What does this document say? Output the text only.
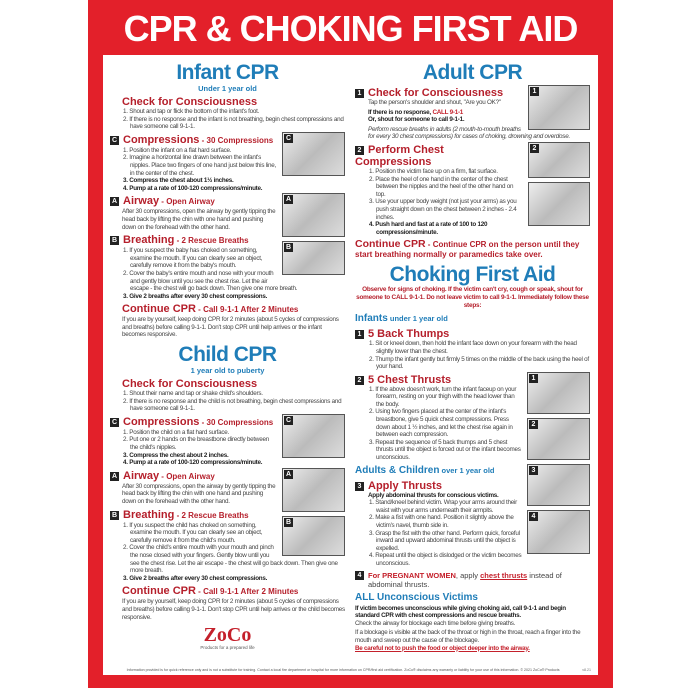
CPR & CHOKING FIRST AID
Infant CPR
Under 1 year old
Check for Consciousness
1. Shout and tap or flick the bottom of the infant's foot.
2. If there is no response and the infant is not breathing, begin chest compressions and have someone call 9-1-1.
C
C Compressions - 30 Compressions
1. Position the infant on a flat hard surface.
2. Imagine a horizontal line drawn between the infant's nipples. Place two fingers of one hand just below this line, in the center of the chest.
3. Compress the chest about 1½ inches.
4. Pump at a rate of 100-120 compressions/minute.
A
A Airway - Open Airway
After 30 compressions, open the airway by gently tipping the head back by lifting the chin with one hand and pushing down on the forehead with the other hand.
B
B Breathing - 2 Rescue Breaths
1. If you suspect the baby has choked on something, examine the mouth. If you can clearly see an object, carefully remove it from the baby's mouth.
2. Cover the baby's entire mouth and nose with your mouth and gently blow until you see the chest rise. Let the air escape - the chest will go back down. Then give one more breath.
3. Give 2 breaths after every 30 chest compressions.
Continue CPR - Call 9-1-1 After 2 Minutes
If you are by yourself, keep doing CPR for 2 minutes (about 5 cycles of compressions and breaths) before calling 9-1-1. Don't stop CPR until help arrives or the infant becomes responsive.
Child CPR
1 year old to puberty
Check for Consciousness
1. Shout their name and tap or shake child's shoulders.
2. If there is no response and the child is not breathing, begin chest compressions and have someone call 9-1-1.
C
C Compressions - 30 Compressions
1. Position the child on a flat hard surface.
2. Put one or 2 hands on the breastbone directly between the child's nipples.
3. Compress the chest about 2 inches.
4. Pump at a rate of 100-120 compressions/minute.
A
A Airway - Open Airway
After 30 compressions, open the airway by gently tipping the head back by lifting the chin with one hand and pushing down on the forehead with the other hand.
B
B Breathing - 2 Rescue Breaths
1. If you suspect the child has choked on something, examine the mouth. If you can clearly see an object, carefully remove it from the child's mouth.
2. Cover the child's entire mouth with your mouth and pinch the nose closed with your fingers. Gently blow until you see the chest rise. Let the air escape - the chest will go back down. Then give one more breath.
3. Give 2 breaths after every 30 chest compressions.
Continue CPR - Call 9-1-1 After 2 Minutes
If you are by yourself, keep doing CPR for 2 minutes (about 5 cycles of compressions and breaths) before calling 9-1-1. Don't stop CPR until help arrives or the child becomes responsive.
ZoCo
Products for a prepared life
Adult CPR
1
1 Check for Consciousness
Tap the person's shoulder and shout, "Are you OK?"
If there is no response, CALL 9-1-1
Or, shout for someone to call 9-1-1.
Perform rescue breaths in adults (2 mouth-to-mouth breaths for every 30 chest compressions) for cases of choking, drowning and overdose.
2
2 Perform Chest Compressions
1. Position the victim face up on a firm, flat surface.
2. Place the heel of one hand in the center of the chest between the nipples and the heel of the other hand on top.
3. Use your upper body weight (not just your arms) as you push straight down on the chest between 2 inches - 2.4 inches.
4. Push hard and fast at a rate of 100 to 120 compressions/minute.
Continue CPR - Continue CPR on the person until they start breathing normally or paramedics take over.
Choking First Aid
Observe for signs of choking. If the victim can't cry, cough or speak, shout for someone to CALL 9-1-1. Do not leave victim to call 9-1-1. Immediately follow these steps:
Infants under 1 year old
1 5 Back Thumps
1. Sit or kneel down, then hold the infant face down on your forearm with the head slightly lower than the chest.
2. Thump the infant gently but firmly 5 times on the middle of the back using the heel of your hand.
1
2
3
4
2 5 Chest Thrusts
1. If the above doesn't work, turn the infant faceup on your forearm, resting on your thigh with the head lower than the body.
2. Using two fingers placed at the center of the infant's breastbone, give 5 quick chest compressions. Press down about 1 ½ inches, and let the chest rise again in between each compression.
3. Repeat the sequence of 5 back thumps and 5 chest thrusts until the object is forced out or the infant becomes unconscious.
Adults & Children over 1 year old
3 Apply Thrusts
Apply abdominal thrusts for conscious victims.
1. Stand/kneel behind victim. Wrap your arms around their waist with your arms underneath their armpits.
2. Make a fist with one hand. Position it slightly above the victim's navel, thumb side in.
3. Grasp the fist with the other hand. Perform quick, forceful inward and upward abdominal thrusts until the object is expelled.
4. Repeat until the object is dislodged or the victim becomes unconscious.
4 For PREGNANT WOMEN, apply chest thrusts instead of abdominal thrusts.
ALL Unconscious Victims
If victim becomes unconscious while giving choking aid, call 9-1-1 and begin standard CPR with chest compressions and rescue breaths.
Check the airway for blockage each time before giving breaths.
If a blockage is visible at the back of the throat or high in the throat, reach a finger into the mouth and sweep out the cause of the blockage.
Be careful not to push the food or object deeper into the airway.
Information provided is for quick reference only and is not a substitute for training. Contact a local fire department or hospital for more information on CPR/first aid certification. ZoCo® disclaims any warranty or liability for your use of this information. © 2021 ZoCo® Products	v8.21
